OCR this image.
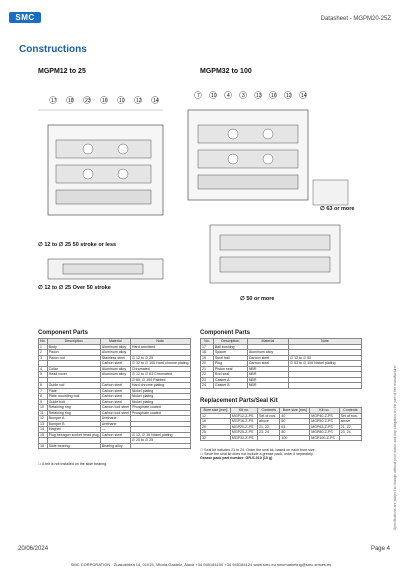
SMC	Datasheet - MGPM20-25Z
Constructions
MGPM12 to 25	MGPM32 to 100
17 18 23 16 10 12 14
∅ 12 to ∅ 25 50 stroke or less
∅ 12 to ∅ 25 Over 50 stroke
7 10 4 3 13 16 12 14
∅ 63 or more
∅ 50 or more
Component Parts
No.	Description	Material	Note
1	Body	Aluminum alloy	Hard anodized
2	Piston	Aluminum alloy	
3	Piston rod	Stainless steel	∅ 12 to ∅ 25
		Carbon steel	∅ 32 to ∅ 100 Hard chrome plating
4	Collar	Aluminum alloy	Chromated
5	Head cover	Aluminum alloy	∅ 12 to ∅ 63 Chromated
			∅ 80, ∅ 100 Painted
6	Guide rod	Carbon steel	Hard chrome plating
7	Plate	Carbon steel	Nickel plating
8	Plate mounting bolt	Carbon steel	Nickel plating
9	Guide bolt	Carbon steel	Nickel plating
10	Retaining ring	Carbon tool steel	Phosphate coated
11	Retaining ring	Carbon tool steel	Phosphate coated
12	Bumper A	Urethane	
13	Bumper B	Urethane	
14	Magnet	—	
15	Plug hexagon socket head plug	Carbon steel	∅ 12, ∅ 16 Nickel plating
			∅ 20 to ∅ 25
16	Slide bearing	Bearing alloy	
□: A felt is not installed on the slide bearing.
Component Parts
No.	Description	Material	Note
17	Ball bushing		
18	Spacer	Aluminum alloy	
19	Steel ball	Carbon steel	∅ 12 to ∅ 50
20	Plug	Carbon steel	∅ 63 to ∅ 100 Nickel plating
21	Piston seal	NBR	
22	Rod seal	NBR	
23	Gasket A	NBR	
24	Gasket B	NBR	
Replacement Parts/Seal Kit
Bore size [mm]	Kit no.	Contents	Bore size [mm]	Kit no.	Contents
12	MGP12-Z-PS	Set of nos.	40	MGP40-Z-PS	Set of nos.
16	MGP16-Z-PS	above	50	MGP50-Z-PS	above
20	MGP20-Z-PS	21, 22,	63	MGP63-Z-PS	21, 22,
25	MGP25-Z-PS	23, 24	80	MGP80-Z-PS	23, 24
32	MGP32-Z-PS		100	MGP100-Z-PS	
□: Seal kit includes 21 to 24. Order the seal kit, based on each bore size.
□: Since the seal kit does not include a grease pack, order it separately.
Grease pack part number: GR-S-010 (10 g)	Specifications are subject to change without prior notice and any obligation on the part of the manufacturer.
20/06/2024	Page 4
SMC CORPORATION · Zuazobidea 14, 01015, Vitoria-Gasteiz, Álava +34 945184100 +34 945184124 www.smc.eu smcmarketing@smc.smces.es
